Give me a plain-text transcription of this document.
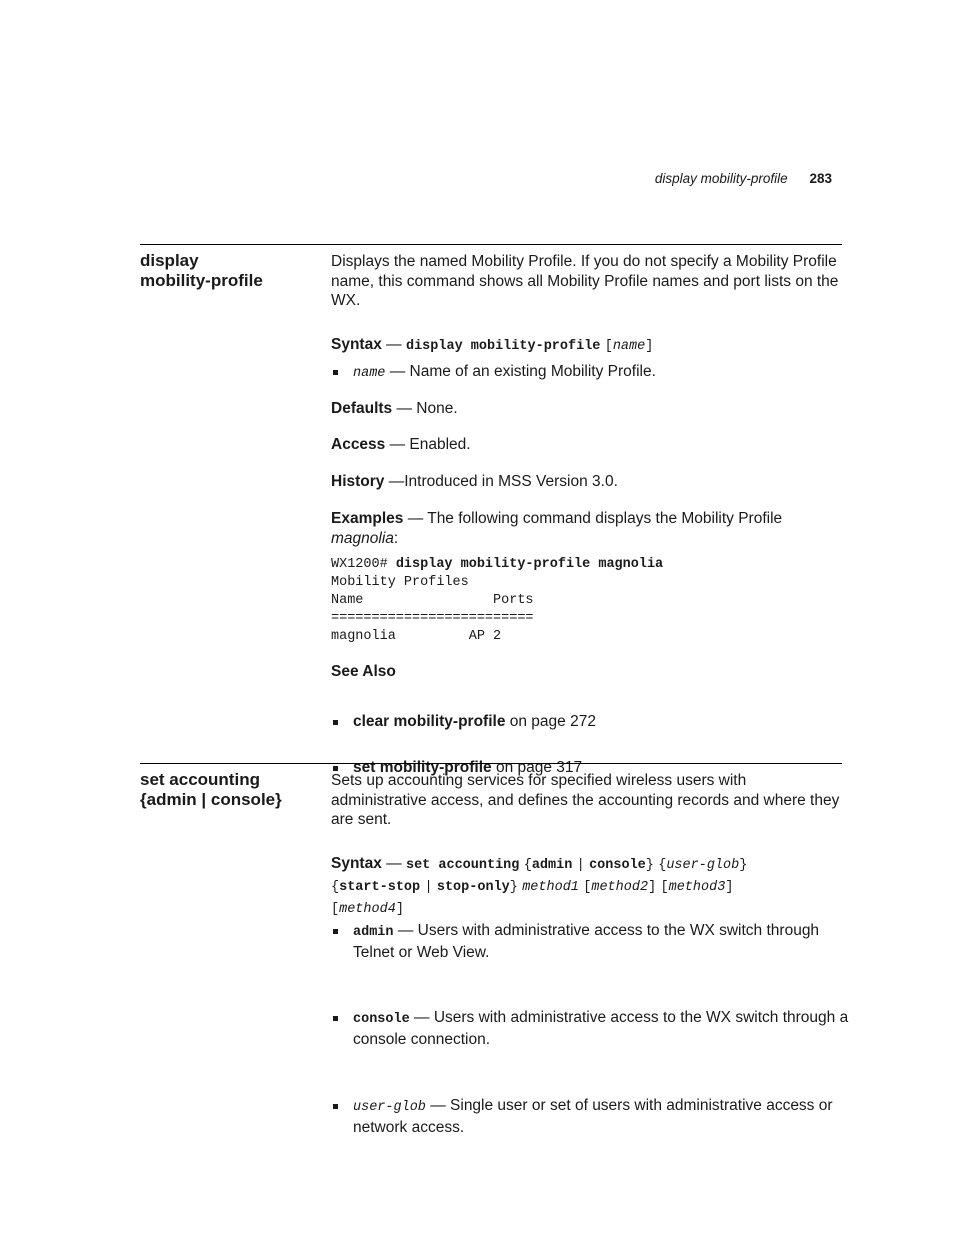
display mobility-profile 283
display
mobility-profile

Displays the named Mobility Profile. If you do not specify a Mobility Profile name, this command shows all Mobility Profile names and port lists on the WX.

Syntax — display mobility-profile [name]

name — Name of an existing Mobility Profile.

Defaults — None.

Access — Enabled.

History —Introduced in MSS Version 3.0.

Examples — The following command displays the Mobility Profile magnolia:

WX1200# display mobility-profile magnolia
Mobility Profiles
Name                Ports
=========================
magnolia         AP 2

See Also

clear mobility-profile on page 272
set mobility-profile on page 317
set accounting
{admin | console}

Sets up accounting services for specified wireless users with administrative access, and defines the accounting records and where they are sent.

Syntax — set accounting {admin | console} {user-glob}
{start-stop | stop-only} method1 [method2] [method3]
[method4]
admin — Users with administrative access to the WX switch through Telnet or Web View.
console — Users with administrative access to the WX switch through a console connection.
user-glob — Single user or set of users with administrative access or network access.
